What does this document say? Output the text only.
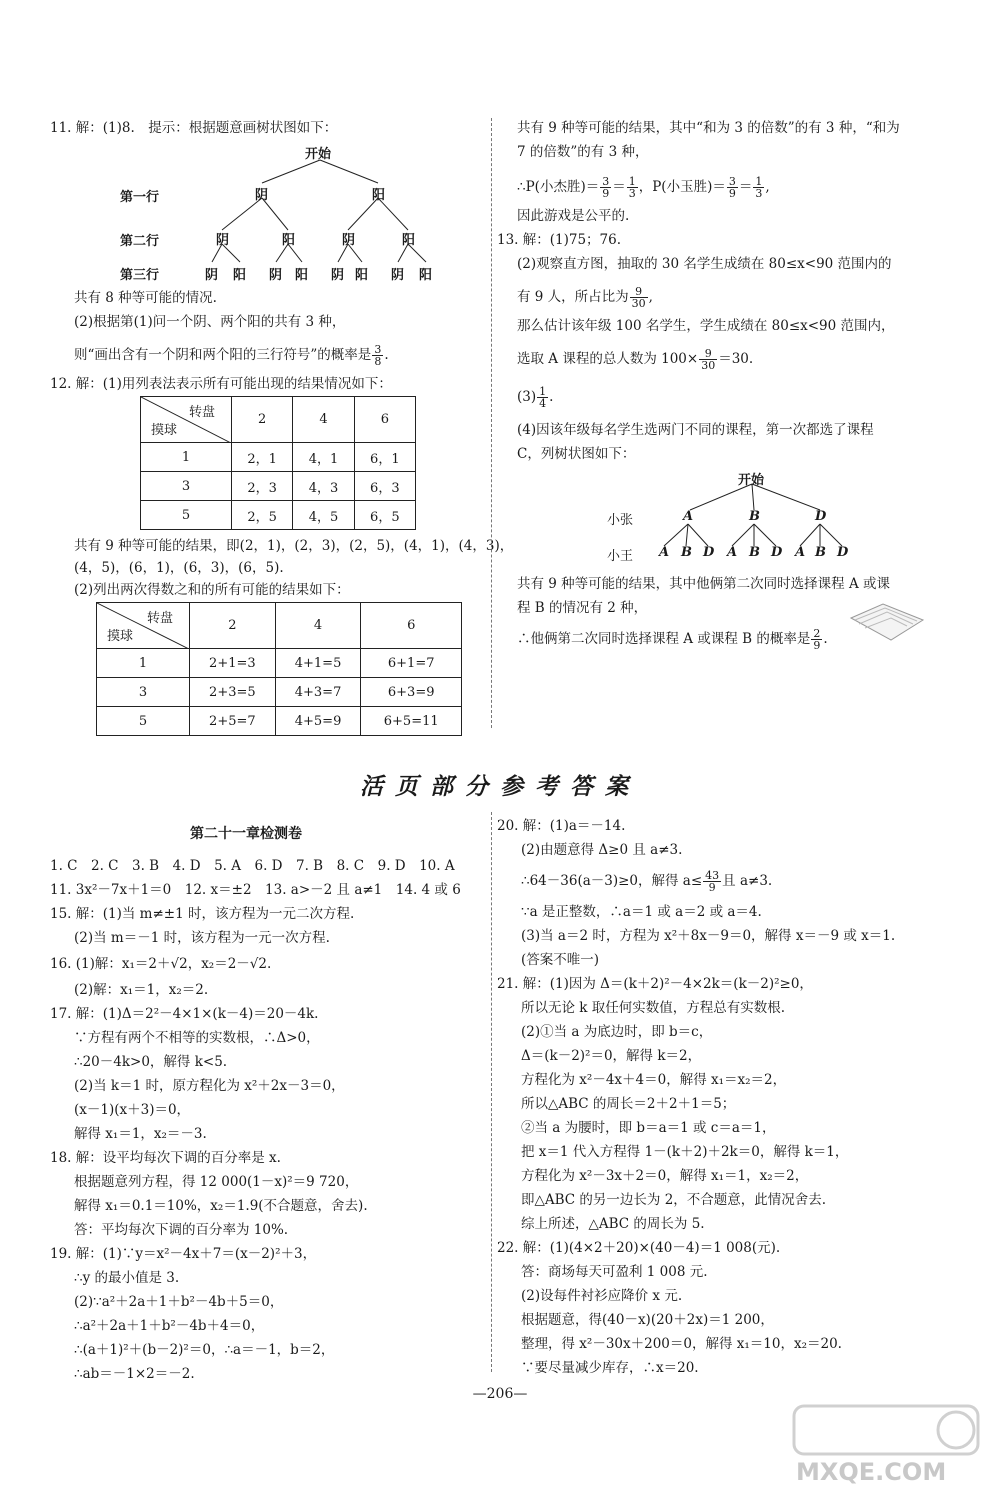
11. 解：(1)8.　提示：根据题意画树状图如下：
开始
第一行
第二行
第三行
阴	阳
阴	阳	阴	阳
阴 阳 阴 阳 阴 阳 阴 阳
共有 8 种等可能的情况.
(2)根据第(1)问一个阴、两个阳的共有 3 种，
则“画出含有一个阴和两个阳的三行符号”的概率是 $\frac{3}{8}$ .
12. 解：(1)用列表法表示所有可能出现的结果情况如下：
转盘
摸球	2	4	6
1	2，1	4，1	6，1
3	2，3	4，3	6，3
5	2，5	4，5	6，5
共有 9 种等可能的结果，即(2，1)，(2，3)，(2，5)，(4，1)，(4，3)，
(4，5)，(6，1)，(6，3)，(6，5).
(2)列出两次得数之和的所有可能的结果如下：
转盘
摸球	2	4	6
1	2+1=3	4+1=5	6+1=7
3	2+3=5	4+3=7	6+3=9
5	2+5=7	4+5=9	6+5=11
共有 9 种等可能的结果，其中“和为 3 的倍数”的有 3 种，“和为
7 的倍数”的有 3 种，
∴P(小杰胜)＝ $\frac{3}{9} = \frac{1}{3}$ ，P(小玉胜)＝ $\frac{3}{9} = \frac{1}{3}$ ,
因此游戏是公平的.
13. 解：(1)75；76.
(2)观察直方图，抽取的 30 名学生成绩在 80≤x<90 范围内的
有 9 人，所占比为 $\frac{9}{30}$ ,
那么估计该年级 100 名学生，学生成绩在 80≤x<90 范围内，
选取 A 课程的总人数为 $100\times \frac{9}{30} =30$.
$(3) \frac{1}{4}$ .
(4)因该年级每名学生选两门不同的课程，第一次都选了课程
C，列树状图如下：
开始
小张
小王
A	B	D
A B D A B D A B D
共有 9 种等可能的结果，其中他俩第二次同时选择课程 A 或课
程 B 的情况有 2 种，
∴他俩第二次同时选择课程 A 或课程 B 的概率是 $\frac{2}{9}$ .
活页部分参考答案
第二十一章检测卷
1. C　2. C　3. B　4. D　5. A　6. D　7. B　8. C　9. D　10. A
11. 3x²－7x＋1＝0　12. x＝±2　13. a>－2 且 a≠1　14. 4 或 6
15. 解：(1)当 m≠±1 时，该方程为一元二次方程.
(2)当 m＝－1 时，该方程为一元一次方程.
16. (1)解：x₁＝2＋√2，x₂＝2－√2.
(2)解：x₁＝1，x₂＝2.
17. 解：(1)Δ＝2²－4×1×(k－4)＝20－4k.
∵方程有两个不相等的实数根，∴Δ>0，
∴20－4k>0，解得 k<5.
(2)当 k＝1 时，原方程化为 x²＋2x－3＝0，
(x－1)(x＋3)＝0，
解得 x₁＝1，x₂＝－3.
18. 解：设平均每次下调的百分率是 x.
根据题意列方程，得 12 000(1－x)²＝9 720，
解得 x₁＝0.1＝10%，x₂＝1.9(不合题意，舍去).
答：平均每次下调的百分率为 10%.
19. 解：(1)∵y＝x²－4x＋7＝(x－2)²＋3，
∴y 的最小值是 3.
(2)∵a²＋2a＋1＋b²－4b＋5＝0，
∴a²＋2a＋1＋b²－4b＋4＝0，
∴(a＋1)²＋(b－2)²＝0，∴a＝－1，b＝2，
∴ab＝－1×2＝－2.
20. 解：(1)a＝－14.
(2)由题意得 Δ≥0 且 a≠3.
∴64－36(a－3)≥0，解得 $a\le \frac{43}{9}$ 且 a≠3.
∵a 是正整数，∴a＝1 或 a＝2 或 a＝4.
(3)当 a＝2 时，方程为 x²＋8x－9＝0，解得 x＝－9 或 x＝1.
(答案不唯一)
21. 解：(1)因为 Δ＝(k＋2)²－4×2k＝(k－2)²≥0，
所以无论 k 取任何实数值，方程总有实数根.
(2)①当 a 为底边时，即 b＝c，
Δ＝(k－2)²＝0，解得 k＝2，
方程化为 x²－4x＋4＝0，解得 x₁＝x₂＝2，
所以△ABC 的周长＝2＋2＋1＝5；
②当 a 为腰时，即 b＝a＝1 或 c＝a＝1，
把 x＝1 代入方程得 1－(k＋2)＋2k＝0，解得 k＝1，
方程化为 x²－3x＋2＝0，解得 x₁＝1，x₂＝2，
即△ABC 的另一边长为 2，不合题意，此情况舍去.
综上所述，△ABC 的周长为 5.
22. 解：(1)(4×2＋20)×(40－4)＝1 008(元).
答：商场每天可盈利 1 008 元.
(2)设每件衬衫应降价 x 元.
根据题意，得(40－x)(20＋2x)＝1 200，
整理，得 x²－30x＋200＝0，解得 x₁＝10，x₂＝20.
∵要尽量减少库存，∴x＝20.
—206—
MXQE.COM
